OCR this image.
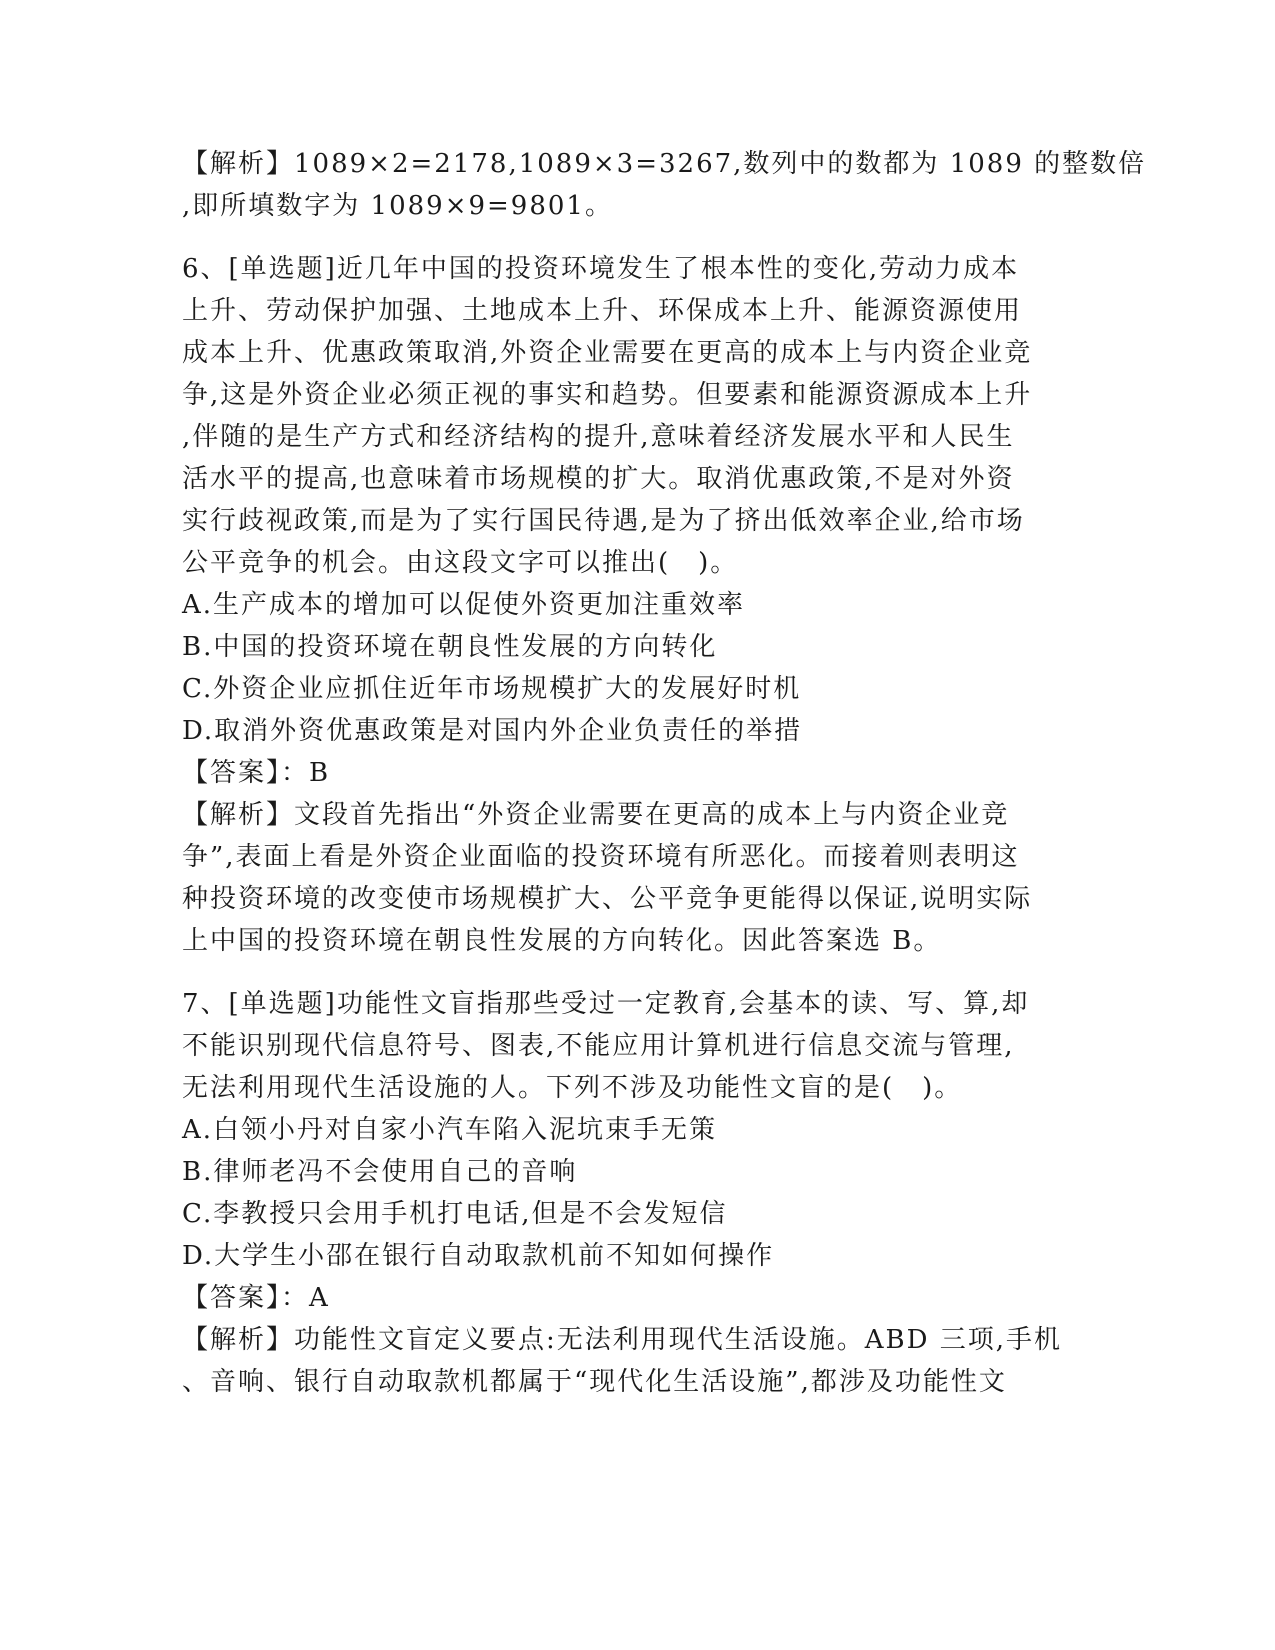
【解析】1089×2=2178,1089×3=3267,数列中的数都为 1089 的整数倍
,即所填数字为 1089×9=9801。
6、[单选题]近几年中国的投资环境发生了根本性的变化,劳动力成本
上升、劳动保护加强、土地成本上升、环保成本上升、能源资源使用
成本上升、优惠政策取消,外资企业需要在更高的成本上与内资企业竞
争,这是外资企业必须正视的事实和趋势。但要素和能源资源成本上升
,伴随的是生产方式和经济结构的提升,意味着经济发展水平和人民生
活水平的提高,也意味着市场规模的扩大。取消优惠政策,不是对外资
实行歧视政策,而是为了实行国民待遇,是为了挤出低效率企业,给市场
公平竞争的机会。由这段文字可以推出(　)。
A.生产成本的增加可以促使外资更加注重效率
B.中国的投资环境在朝良性发展的方向转化
C.外资企业应抓住近年市场规模扩大的发展好时机
D.取消外资优惠政策是对国内外企业负责任的举措
【答案】：B
【解析】文段首先指出“外资企业需要在更高的成本上与内资企业竞
争”,表面上看是外资企业面临的投资环境有所恶化。而接着则表明这
种投资环境的改变使市场规模扩大、公平竞争更能得以保证,说明实际
上中国的投资环境在朝良性发展的方向转化。因此答案选 B。
7、[单选题]功能性文盲指那些受过一定教育,会基本的读、写、算,却
不能识别现代信息符号、图表,不能应用计算机进行信息交流与管理,
无法利用现代生活设施的人。下列不涉及功能性文盲的是(　)。
A.白领小丹对自家小汽车陷入泥坑束手无策
B.律师老冯不会使用自己的音响
C.李教授只会用手机打电话,但是不会发短信
D.大学生小邵在银行自动取款机前不知如何操作
【答案】：A
【解析】功能性文盲定义要点:无法利用现代生活设施。ABD 三项,手机
、音响、银行自动取款机都属于“现代化生活设施”,都涉及功能性文
